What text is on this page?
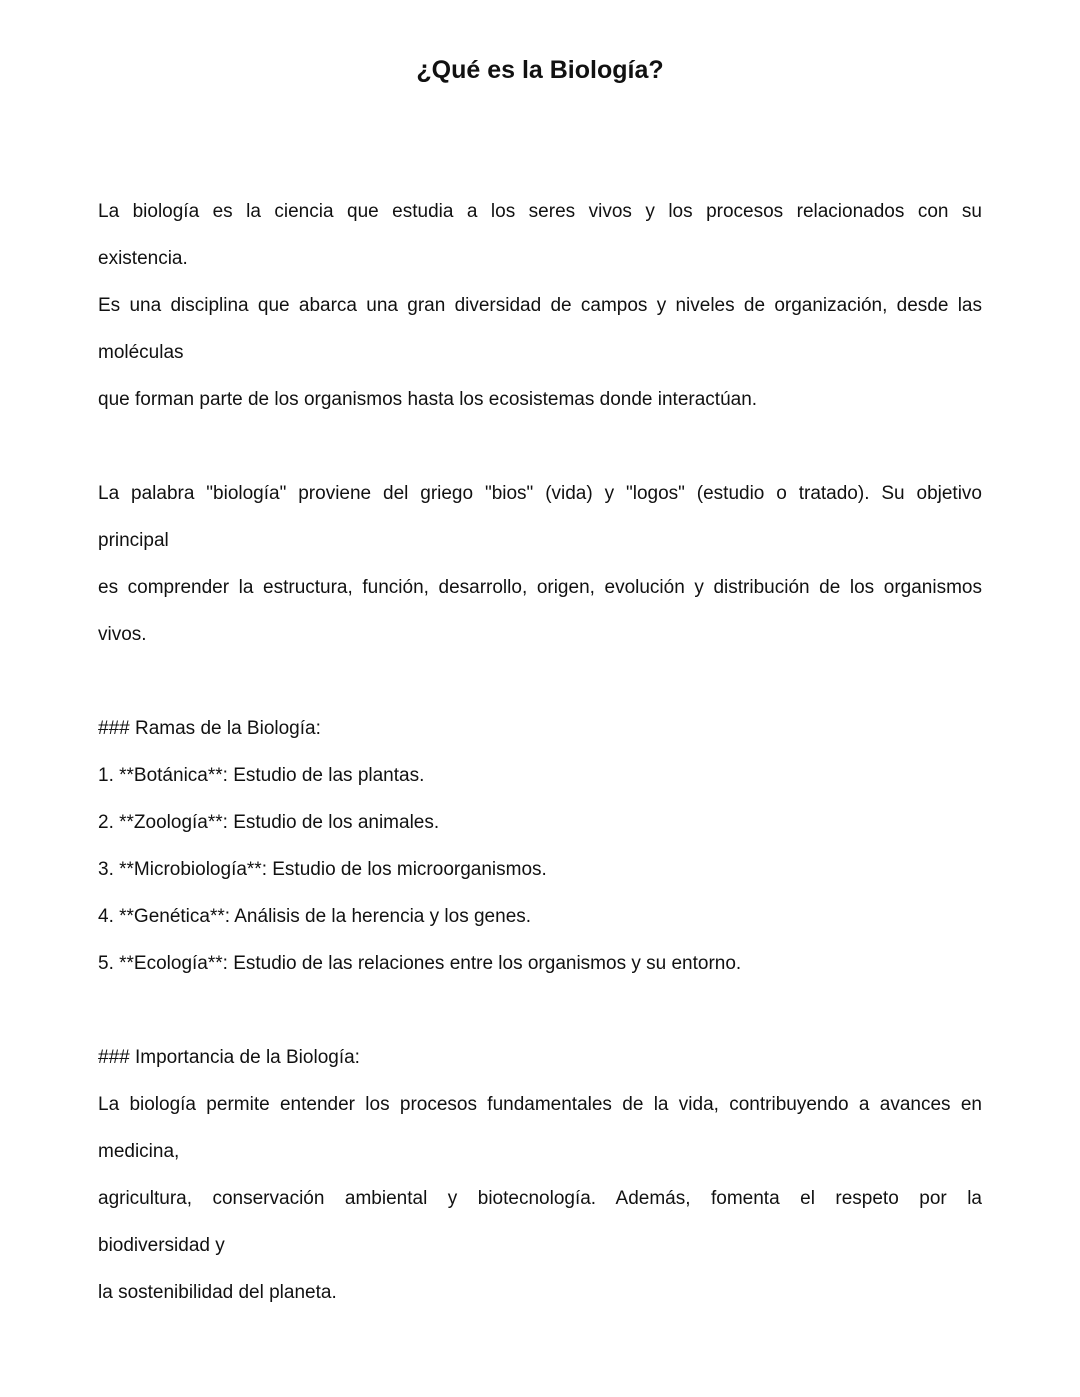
¿Qué es la Biología?
La biología es la ciencia que estudia a los seres vivos y los procesos relacionados con su
existencia.
Es una disciplina que abarca una gran diversidad de campos y niveles de organización, desde las
moléculas
que forman parte de los organismos hasta los ecosistemas donde interactúan.
La palabra "biología" proviene del griego "bios" (vida) y "logos" (estudio o tratado). Su objetivo
principal
es comprender la estructura, función, desarrollo, origen, evolución y distribución de los organismos
vivos.
### Ramas de la Biología:
1. **Botánica**: Estudio de las plantas.
2. **Zoología**: Estudio de los animales.
3. **Microbiología**: Estudio de los microorganismos.
4. **Genética**: Análisis de la herencia y los genes.
5. **Ecología**: Estudio de las relaciones entre los organismos y su entorno.
### Importancia de la Biología:
La biología permite entender los procesos fundamentales de la vida, contribuyendo a avances en
medicina,
agricultura, conservación ambiental y biotecnología. Además, fomenta el respeto por la
biodiversidad y
la sostenibilidad del planeta.
